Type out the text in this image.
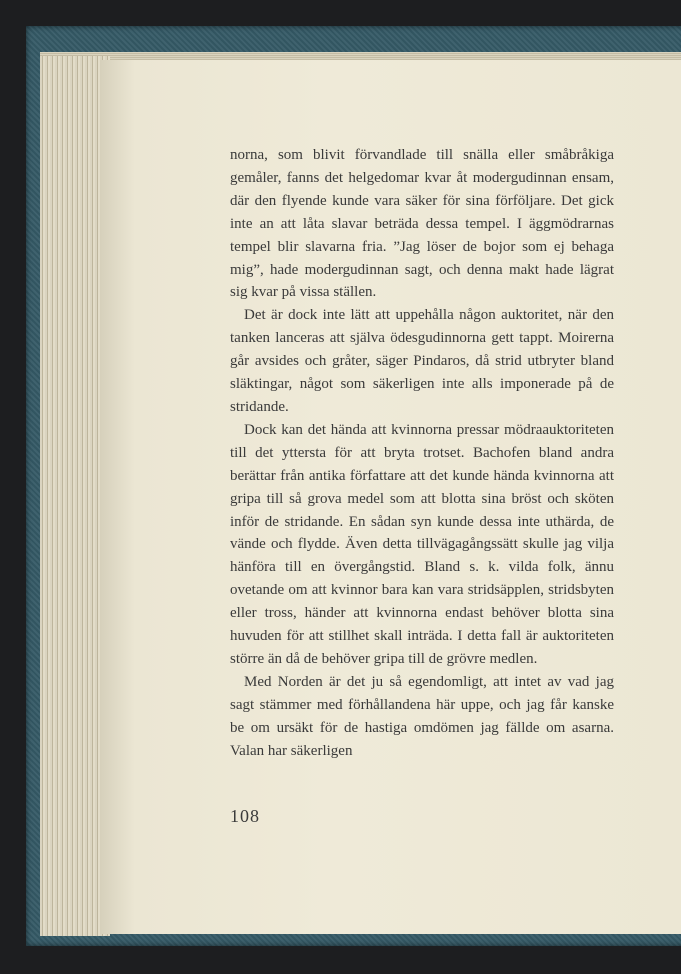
norna, som blivit förvandlade till snälla eller småbråkiga gemåler, fanns det helgedomar kvar åt modergudinnan ensam, där den flyende kunde vara säker för sina förföljare. Det gick inte an att låta slavar beträda dessa tempel. I äggmödrarnas tempel blir slavarna fria. ”Jag löser de bojor som ej behaga mig”, hade modergudinnan sagt, och denna makt hade lägrat sig kvar på vissa ställen.

Det är dock inte lätt att uppehålla någon auktoritet, när den tanken lanceras att själva ödesgudinnorna gett tappt. Moirerna går avsides och gråter, säger Pindaros, då strid utbryter bland släktingar, något som säkerligen inte alls imponerade på de stridande.

Dock kan det hända att kvinnorna pressar mödraauktoriteten till det yttersta för att bryta trotset. Bachofen bland andra berättar från antika författare att det kunde hända kvinnorna att gripa till så grova medel som att blotta sina bröst och sköten inför de stridande. En sådan syn kunde dessa inte uthärda, de vände och flydde. Även detta tillvägagångssätt skulle jag vilja hänföra till en övergångstid. Bland s. k. vilda folk, ännu ovetande om att kvinnor bara kan vara stridsäpplen, stridsbyten eller tross, händer att kvinnorna endast behöver blotta sina huvuden för att stillhet skall inträda. I detta fall är auktoriteten större än då de behöver gripa till de grövre medlen.

Med Norden är det ju så egendomligt, att intet av vad jag sagt stämmer med förhållandena här uppe, och jag får kanske be om ursäkt för de hastiga omdömen jag fällde om asarna. Valan har säkerligen

108
